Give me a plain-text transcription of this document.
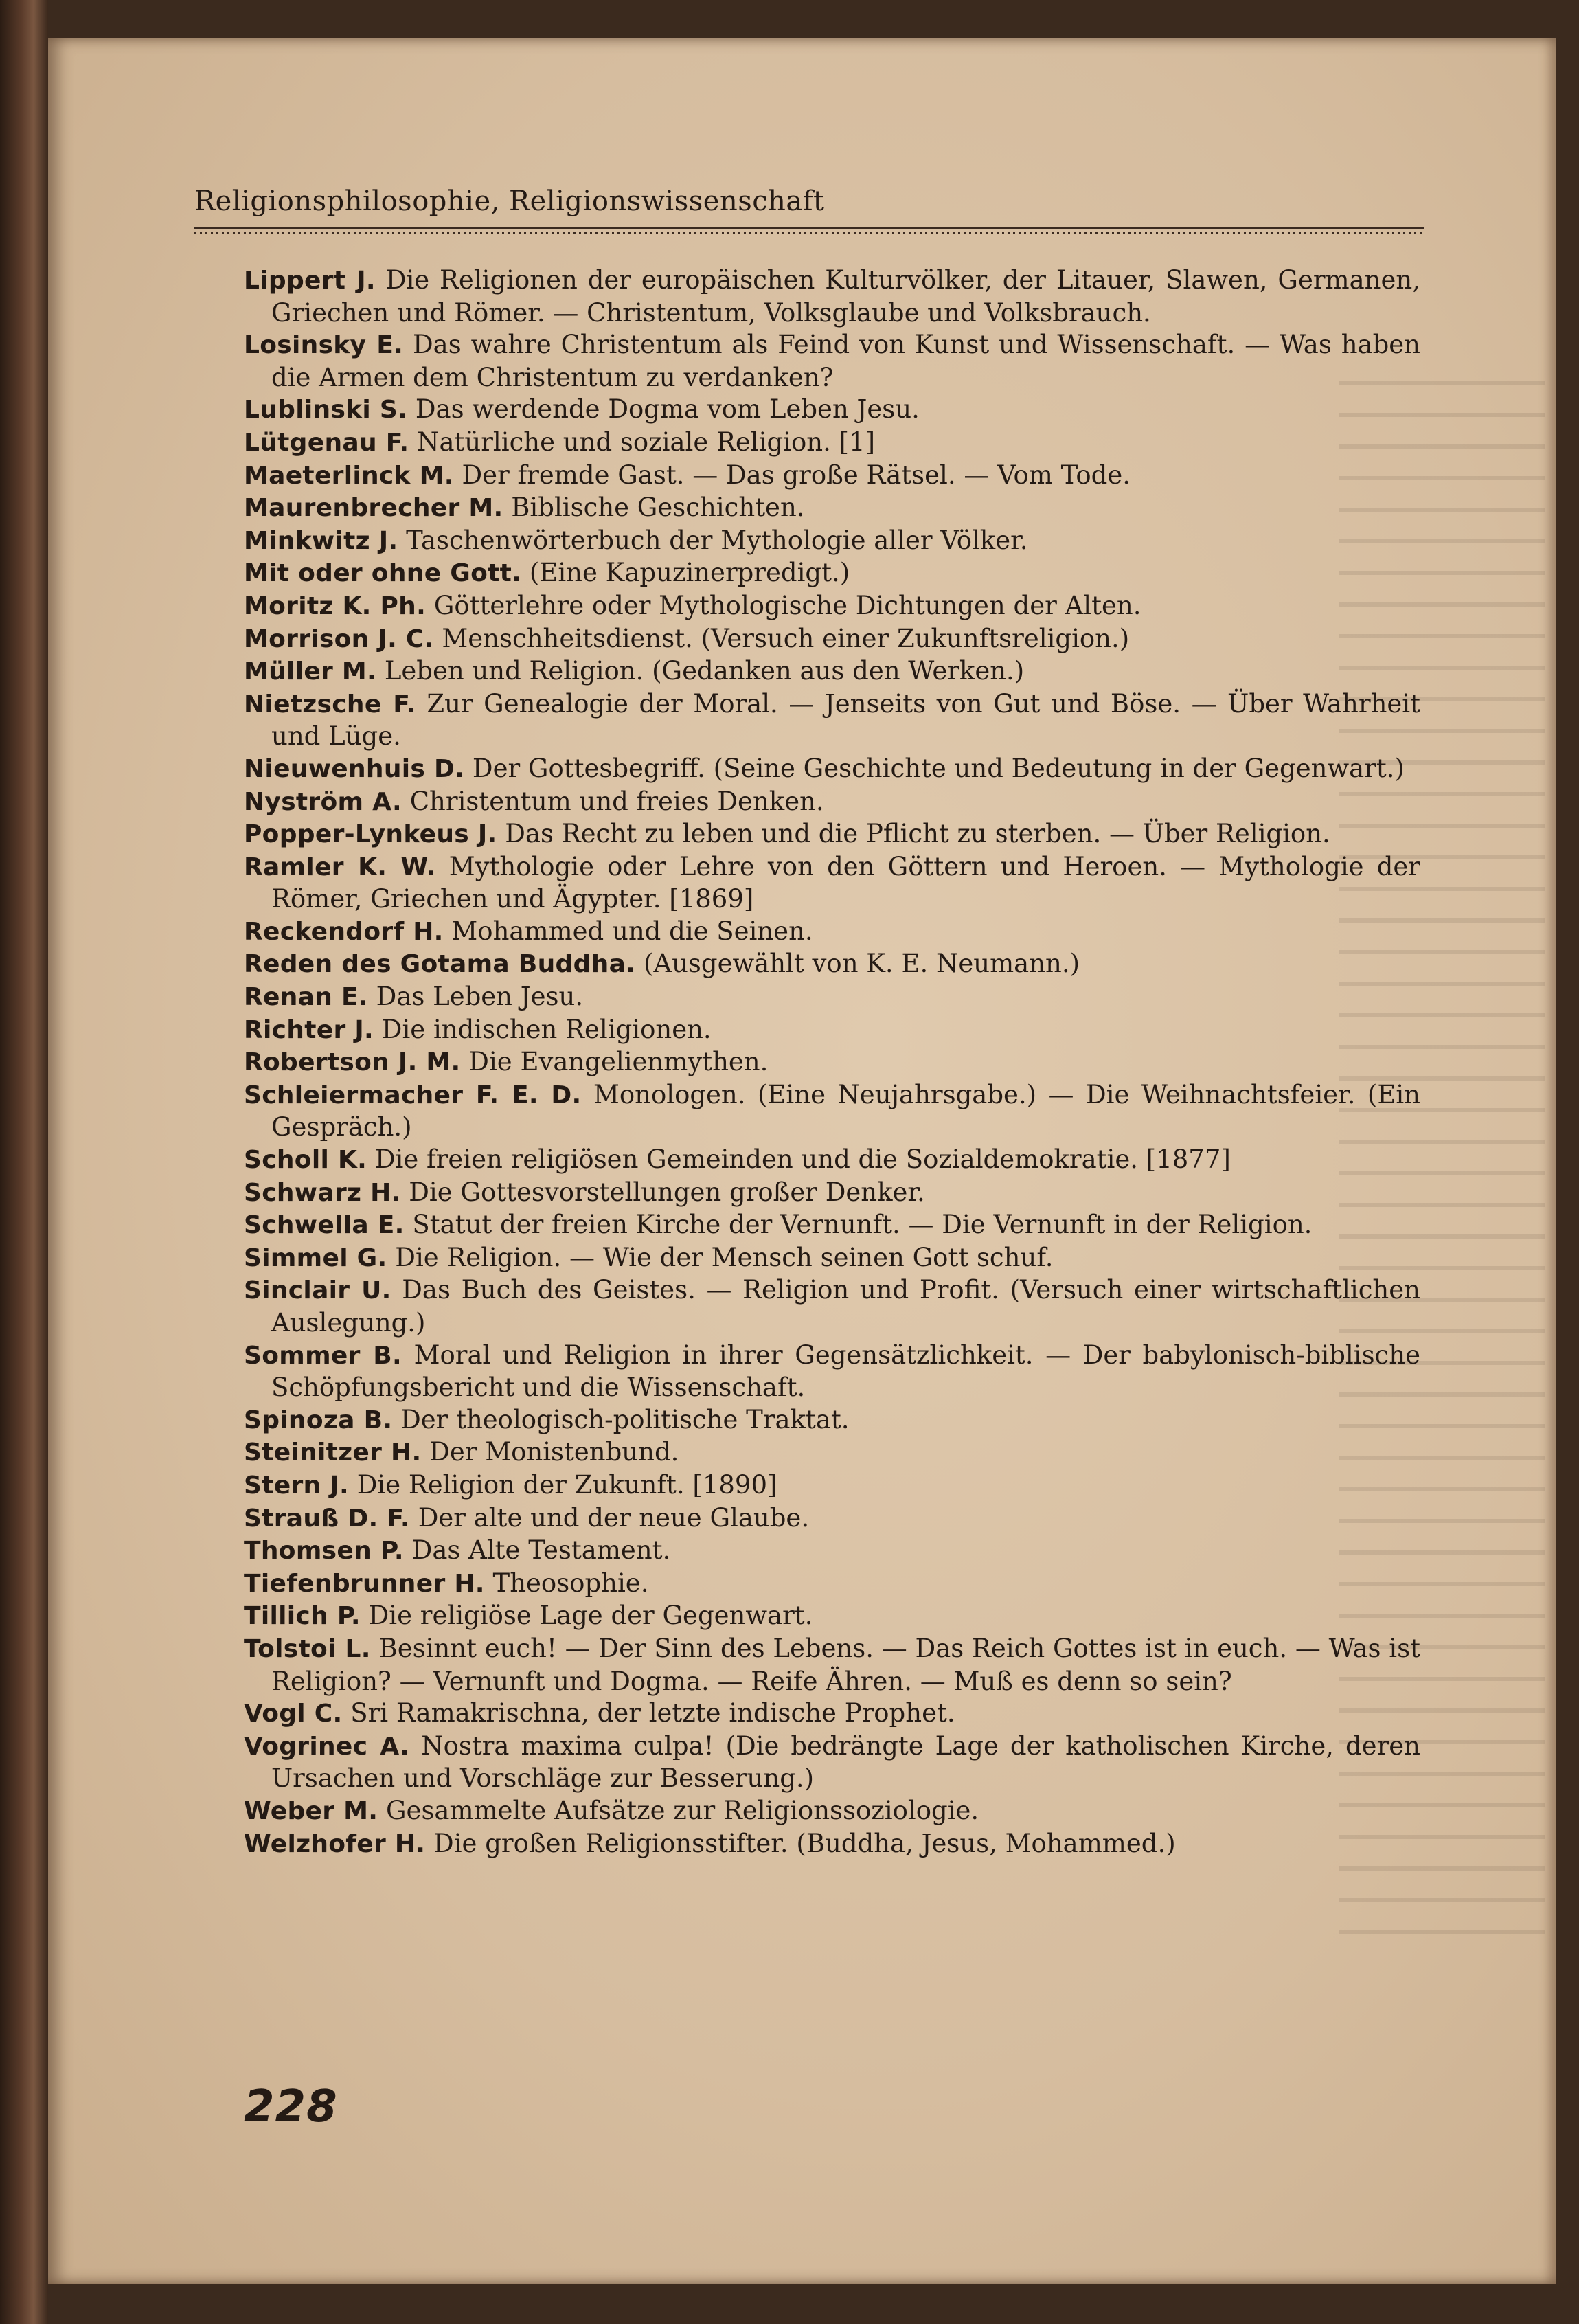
Religionsphilosophie, Religionswissenschaft
Lippert J. Die Religionen der europäischen Kulturvölker, der Litauer, Slawen, Germanen, Griechen und Römer. — Christentum, Volksglaube und Volksbrauch.
Losinsky E. Das wahre Christentum als Feind von Kunst und Wissenschaft. — Was haben die Armen dem Christentum zu verdanken?
Lublinski S. Das werdende Dogma vom Leben Jesu.
Lütgenau F. Natürliche und soziale Religion. [1]
Maeterlinck M. Der fremde Gast. — Das große Rätsel. — Vom Tode.
Maurenbrecher M. Biblische Geschichten.
Minkwitz J. Taschenwörterbuch der Mythologie aller Völker.
Mit oder ohne Gott. (Eine Kapuzinerpredigt.)
Moritz K. Ph. Götterlehre oder Mythologische Dichtungen der Alten.
Morrison J. C. Menschheitsdienst. (Versuch einer Zukunftsreligion.)
Müller M. Leben und Religion. (Gedanken aus den Werken.)
Nietzsche F. Zur Genealogie der Moral. — Jenseits von Gut und Böse. — Über Wahrheit und Lüge.
Nieuwenhuis D. Der Gottesbegriff. (Seine Geschichte und Bedeutung in der Gegenwart.)
Nyström A. Christentum und freies Denken.
Popper-Lynkeus J. Das Recht zu leben und die Pflicht zu sterben. — Über Religion.
Ramler K. W. Mythologie oder Lehre von den Göttern und Heroen. — Mythologie der Römer, Griechen und Ägypter. [1869]
Reckendorf H. Mohammed und die Seinen.
Reden des Gotama Buddha. (Ausgewählt von K. E. Neumann.)
Renan E. Das Leben Jesu.
Richter J. Die indischen Religionen.
Robertson J. M. Die Evangelienmythen.
Schleiermacher F. E. D. Monologen. (Eine Neujahrsgabe.) — Die Weihnachtsfeier. (Ein Gespräch.)
Scholl K. Die freien religiösen Gemeinden und die Sozialdemokratie. [1877]
Schwarz H. Die Gottesvorstellungen großer Denker.
Schwella E. Statut der freien Kirche der Vernunft. — Die Vernunft in der Religion.
Simmel G. Die Religion. — Wie der Mensch seinen Gott schuf.
Sinclair U. Das Buch des Geistes. — Religion und Profit. (Versuch einer wirtschaftlichen Auslegung.)
Sommer B. Moral und Religion in ihrer Gegensätzlichkeit. — Der babylonisch-biblische Schöpfungsbericht und die Wissenschaft.
Spinoza B. Der theologisch-politische Traktat.
Steinitzer H. Der Monistenbund.
Stern J. Die Religion der Zukunft. [1890]
Strauß D. F. Der alte und der neue Glaube.
Thomsen P. Das Alte Testament.
Tiefenbrunner H. Theosophie.
Tillich P. Die religiöse Lage der Gegenwart.
Tolstoi L. Besinnt euch! — Der Sinn des Lebens. — Das Reich Gottes ist in euch. — Was ist Religion? — Vernunft und Dogma. — Reife Ähren. — Muß es denn so sein?
Vogl C. Sri Ramakrischna, der letzte indische Prophet.
Vogrinec A. Nostra maxima culpa! (Die bedrängte Lage der katholischen Kirche, deren Ursachen und Vorschläge zur Besserung.)
Weber M. Gesammelte Aufsätze zur Religionssoziologie.
Welzhofer H. Die großen Religionsstifter. (Buddha, Jesus, Mohammed.)
228
